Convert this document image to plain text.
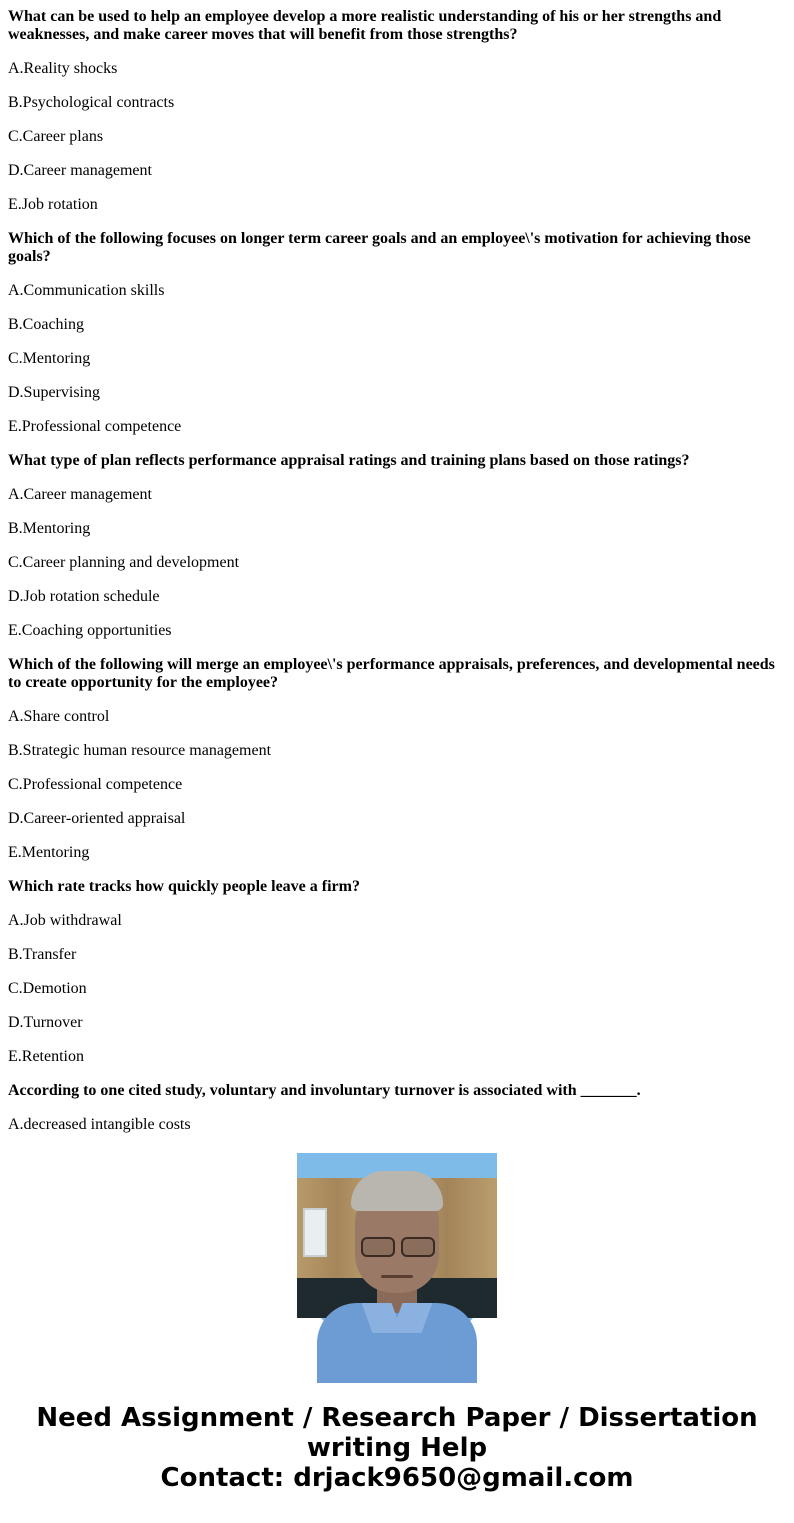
What can be used to help an employee develop a more realistic understanding of his or her strengths and weaknesses, and make career moves that will benefit from those strengths?
A.Reality shocks
B.Psychological contracts
C.Career plans
D.Career management
E.Job rotation
Which of the following focuses on longer term career goals and an employee\'s motivation for achieving those goals?
A.Communication skills
B.Coaching
C.Mentoring
D.Supervising
E.Professional competence
What type of plan reflects performance appraisal ratings and training plans based on those ratings?
A.Career management
B.Mentoring
C.Career planning and development
D.Job rotation schedule
E.Coaching opportunities
Which of the following will merge an employee\'s performance appraisals, preferences, and developmental needs to create opportunity for the employee?
A.Share control
B.Strategic human resource management
C.Professional competence
D.Career-oriented appraisal
E.Mentoring
Which rate tracks how quickly people leave a firm?
A.Job withdrawal
B.Transfer
C.Demotion
D.Turnover
E.Retention
According to one cited study, voluntary and involuntary turnover is associated with _______.
A.decreased intangible costs
Need Assignment / Research Paper / Dissertation
writing Help
Contact: drjack9650@gmail.com
